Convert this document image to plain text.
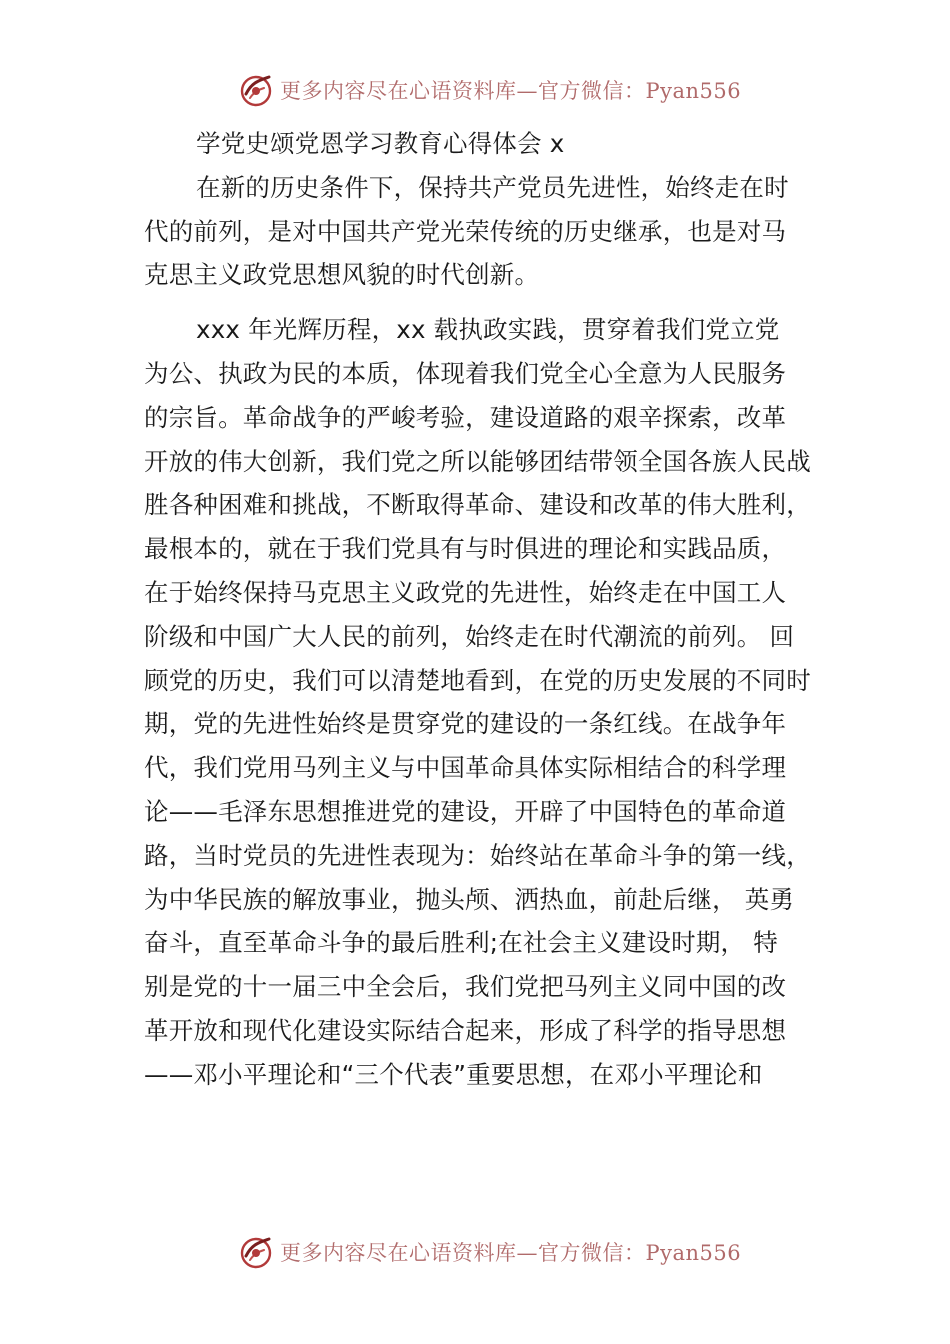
更多内容尽在心语资料库—官方微信：Pyan556
学党史颂党恩学习教育心得体会 x
在新的历史条件下，保持共产党员先进性，始终走在时
代的前列，是对中国共产党光荣传统的历史继承，也是对马
克思主义政党思想风貌的时代创新。
xxx 年光辉历程，xx 载执政实践，贯穿着我们党立党
为公、执政为民的本质，体现着我们党全心全意为人民服务
的宗旨。革命战争的严峻考验，建设道路的艰辛探索，改革
开放的伟大创新，我们党之所以能够团结带领全国各族人民战
胜各种困难和挑战，不断取得革命、建设和改革的伟大胜利，
最根本的，就在于我们党具有与时俱进的理论和实践品质，
在于始终保持马克思主义政党的先进性，始终走在中国工人
阶级和中国广大人民的前列，始终走在时代潮流的前列。 回
顾党的历史，我们可以清楚地看到，在党的历史发展的不同时
期，党的先进性始终是贯穿党的建设的一条红线。在战争年
代，我们党用马列主义与中国革命具体实际相结合的科学理
论——毛泽东思想推进党的建设，开辟了中国特色的革命道
路，当时党员的先进性表现为：始终站在革命斗争的第一线，
为中华民族的解放事业，抛头颅、洒热血，前赴后继， 英勇
奋斗，直至革命斗争的最后胜利;在社会主义建设时期， 特
别是党的十一届三中全会后，我们党把马列主义同中国的改
革开放和现代化建设实际结合起来，形成了科学的指导思想
——邓小平理论和“三个代表”重要思想，在邓小平理论和
更多内容尽在心语资料库—官方微信：Pyan556
